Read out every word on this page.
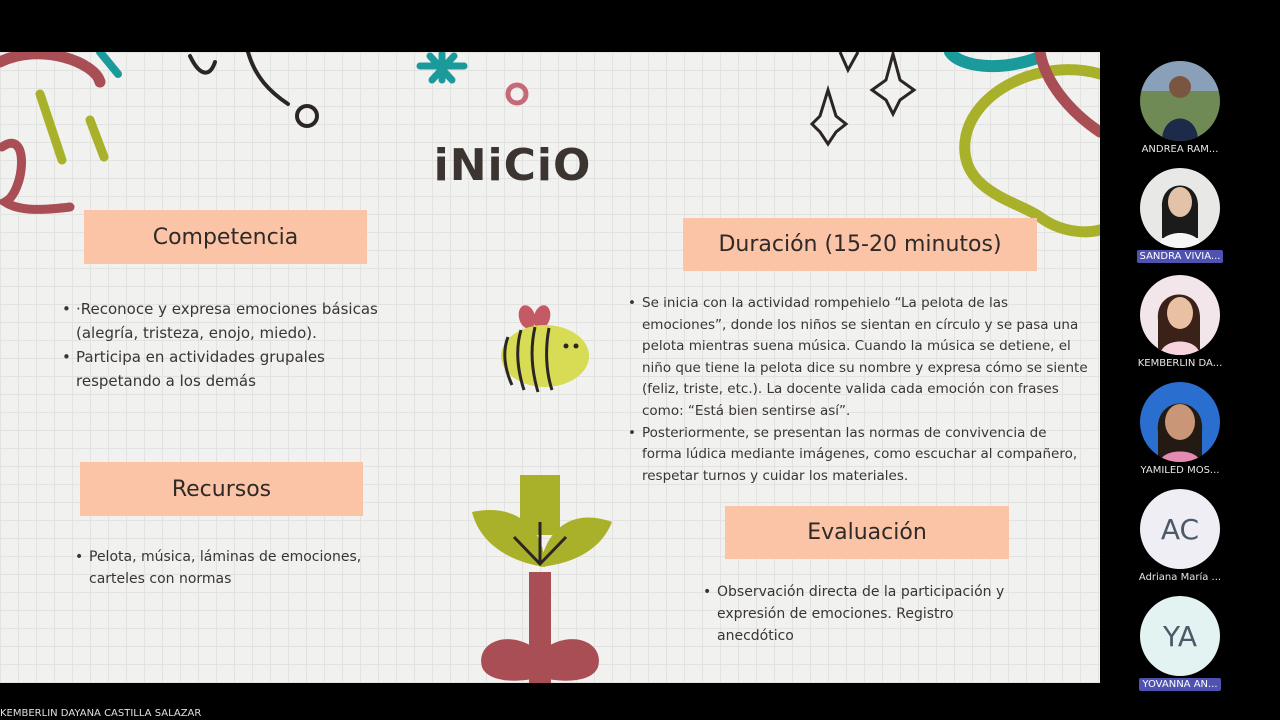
iNiCiO
Competencia
• ·Reconoce y expresa emociones básicas (alegría, tristeza, enojo, miedo).
• Participa en actividades grupales respetando a los demás
Recursos
• Pelota, música, láminas de emociones, carteles con normas
Duración (15-20 minutos)
• Se inicia con la actividad rompehielo “La pelota de las emociones”, donde los niños se sientan en círculo y se pasa una pelota mientras suena música. Cuando la música se detiene, el niño que tiene la pelota dice su nombre y expresa cómo se siente (feliz, triste, etc.). La docente valida cada emoción con frases como: “Está bien sentirse así”.
• Posteriormente, se presentan las normas de convivencia de forma lúdica mediante imágenes, como escuchar al compañero, respetar turnos y cuidar los materiales.
Evaluación
• Observación directa de la participación y expresión de emociones. Registro anecdótico
ANDREA RAM...
SANDRA VIVIA...
KEMBERLIN DA...
YAMILED MOS...
AC
Adriana María ...
YA
YOVANNA AN...
KEMBERLIN DAYANA CASTILLA SALAZAR
